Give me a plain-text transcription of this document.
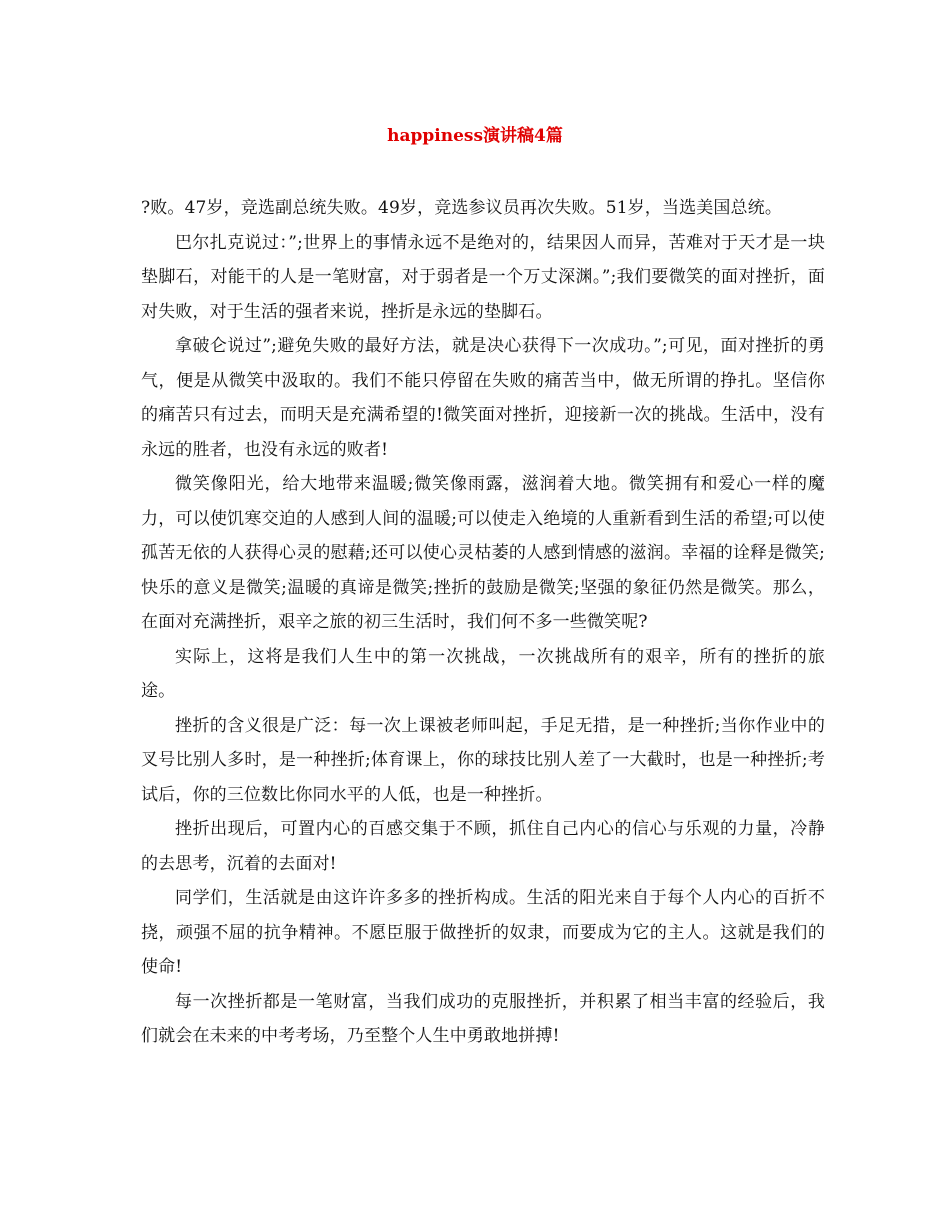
happiness演讲稿4篇

?败。47岁，竞选副总统失败。49岁，竞选参议员再次失败。51岁，当选美国总统。

巴尔扎克说过：”;世界上的事情永远不是绝对的，结果因人而异，苦难对于天才是一块垫脚石，对能干的人是一笔财富，对于弱者是一个万丈深渊。”;我们要微笑的面对挫折，面对失败，对于生活的强者来说，挫折是永远的垫脚石。

拿破仑说过”;避免失败的最好方法，就是决心获得下一次成功。”;可见，面对挫折的勇气，便是从微笑中汲取的。我们不能只停留在失败的痛苦当中，做无所谓的挣扎。坚信你的痛苦只有过去，而明天是充满希望的!微笑面对挫折，迎接新一次的挑战。生活中，没有永远的胜者，也没有永远的败者!

微笑像阳光，给大地带来温暖;微笑像雨露，滋润着大地。微笑拥有和爱心一样的魔力，可以使饥寒交迫的人感到人间的温暖;可以使走入绝境的人重新看到生活的希望;可以使孤苦无依的人获得心灵的慰藉;还可以使心灵枯萎的人感到情感的滋润。幸福的诠释是微笑;快乐的意义是微笑;温暖的真谛是微笑;挫折的鼓励是微笑;坚强的象征仍然是微笑。那么，在面对充满挫折，艰辛之旅的初三生活时，我们何不多一些微笑呢?

实际上，这将是我们人生中的第一次挑战，一次挑战所有的艰辛，所有的挫折的旅途。

挫折的含义很是广泛：每一次上课被老师叫起，手足无措，是一种挫折;当你作业中的叉号比别人多时，是一种挫折;体育课上，你的球技比别人差了一大截时，也是一种挫折;考试后，你的三位数比你同水平的人低，也是一种挫折。

挫折出现后，可置内心的百感交集于不顾，抓住自己内心的信心与乐观的力量，冷静的去思考，沉着的去面对!

同学们，生活就是由这许许多多的挫折构成。生活的阳光来自于每个人内心的百折不挠，顽强不屈的抗争精神。不愿臣服于做挫折的奴隶，而要成为它的主人。这就是我们的使命!

每一次挫折都是一笔财富，当我们成功的克服挫折，并积累了相当丰富的经验后，我们就会在未来的中考考场，乃至整个人生中勇敢地拼搏!
